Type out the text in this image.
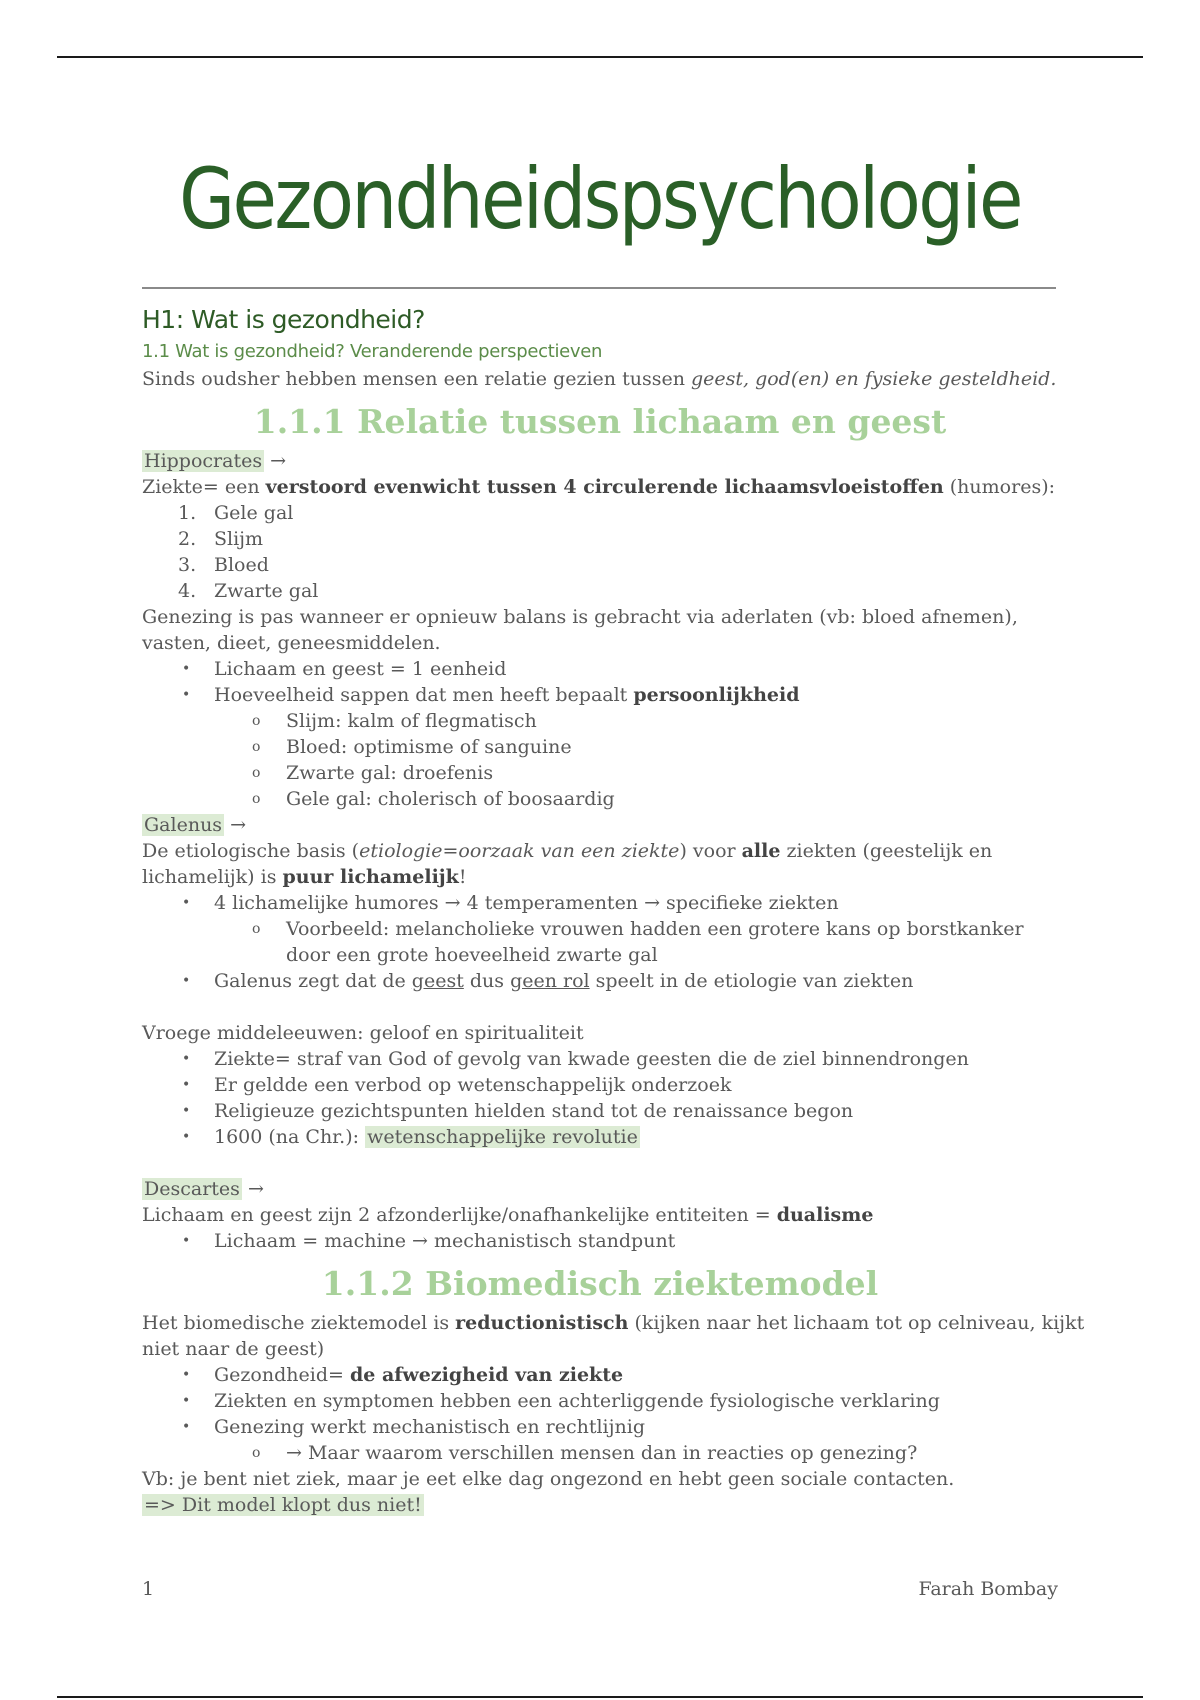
Gezondheidspsychologie

H1: Wat is gezondheid?

1.1 Wat is gezondheid? Veranderende perspectieven

Sinds oudsher hebben mensen een relatie gezien tussen geest, god(en) en fysieke gesteldheid.

1.1.1 Relatie tussen lichaam en geest

Hippocrates →

Ziekte= een verstoord evenwicht tussen 4 circulerende lichaamsvloeistoffen (humores):

1. Gele gal
2. Slijm
3. Bloed
4. Zwarte gal

Genezing is pas wanneer er opnieuw balans is gebracht via aderlaten (vb: bloed afnemen),

vasten, dieet, geneesmiddelen.

• Lichaam en geest = 1 eenheid
• Hoeveelheid sappen dat men heeft bepaalt persoonlijkheid
o Slijm: kalm of flegmatisch
o Bloed: optimisme of sanguine
o Zwarte gal: droefenis
o Gele gal: cholerisch of boosaardig

Galenus →

De etiologische basis (etiologie=oorzaak van een ziekte) voor alle ziekten (geestelijk en

lichamelijk) is puur lichamelijk!

• 4 lichamelijke humores → 4 temperamenten → specifieke ziekten
o Voorbeeld: melancholieke vrouwen hadden een grotere kans op borstkanker
door een grote hoeveelheid zwarte gal
• Galenus zegt dat de geest dus geen rol speelt in de etiologie van ziekten

Vroege middeleeuwen: geloof en spiritualiteit

• Ziekte= straf van God of gevolg van kwade geesten die de ziel binnendrongen
• Er geldde een verbod op wetenschappelijk onderzoek
• Religieuze gezichtspunten hielden stand tot de renaissance begon
• 1600 (na Chr.): wetenschappelijke revolutie

Descartes →

Lichaam en geest zijn 2 afzonderlijke/onafhankelijke entiteiten = dualisme

• Lichaam = machine → mechanistisch standpunt

1.1.2 Biomedisch ziektemodel

Het biomedische ziektemodel is reductionistisch (kijken naar het lichaam tot op celniveau, kijkt

niet naar de geest)

• Gezondheid= de afwezigheid van ziekte
• Ziekten en symptomen hebben een achterliggende fysiologische verklaring
• Genezing werkt mechanistisch en rechtlijnig
o → Maar waarom verschillen mensen dan in reacties op genezing?

Vb: je bent niet ziek, maar je eet elke dag ongezond en hebt geen sociale contacten.

=> Dit model klopt dus niet!

1	Farah Bombay
